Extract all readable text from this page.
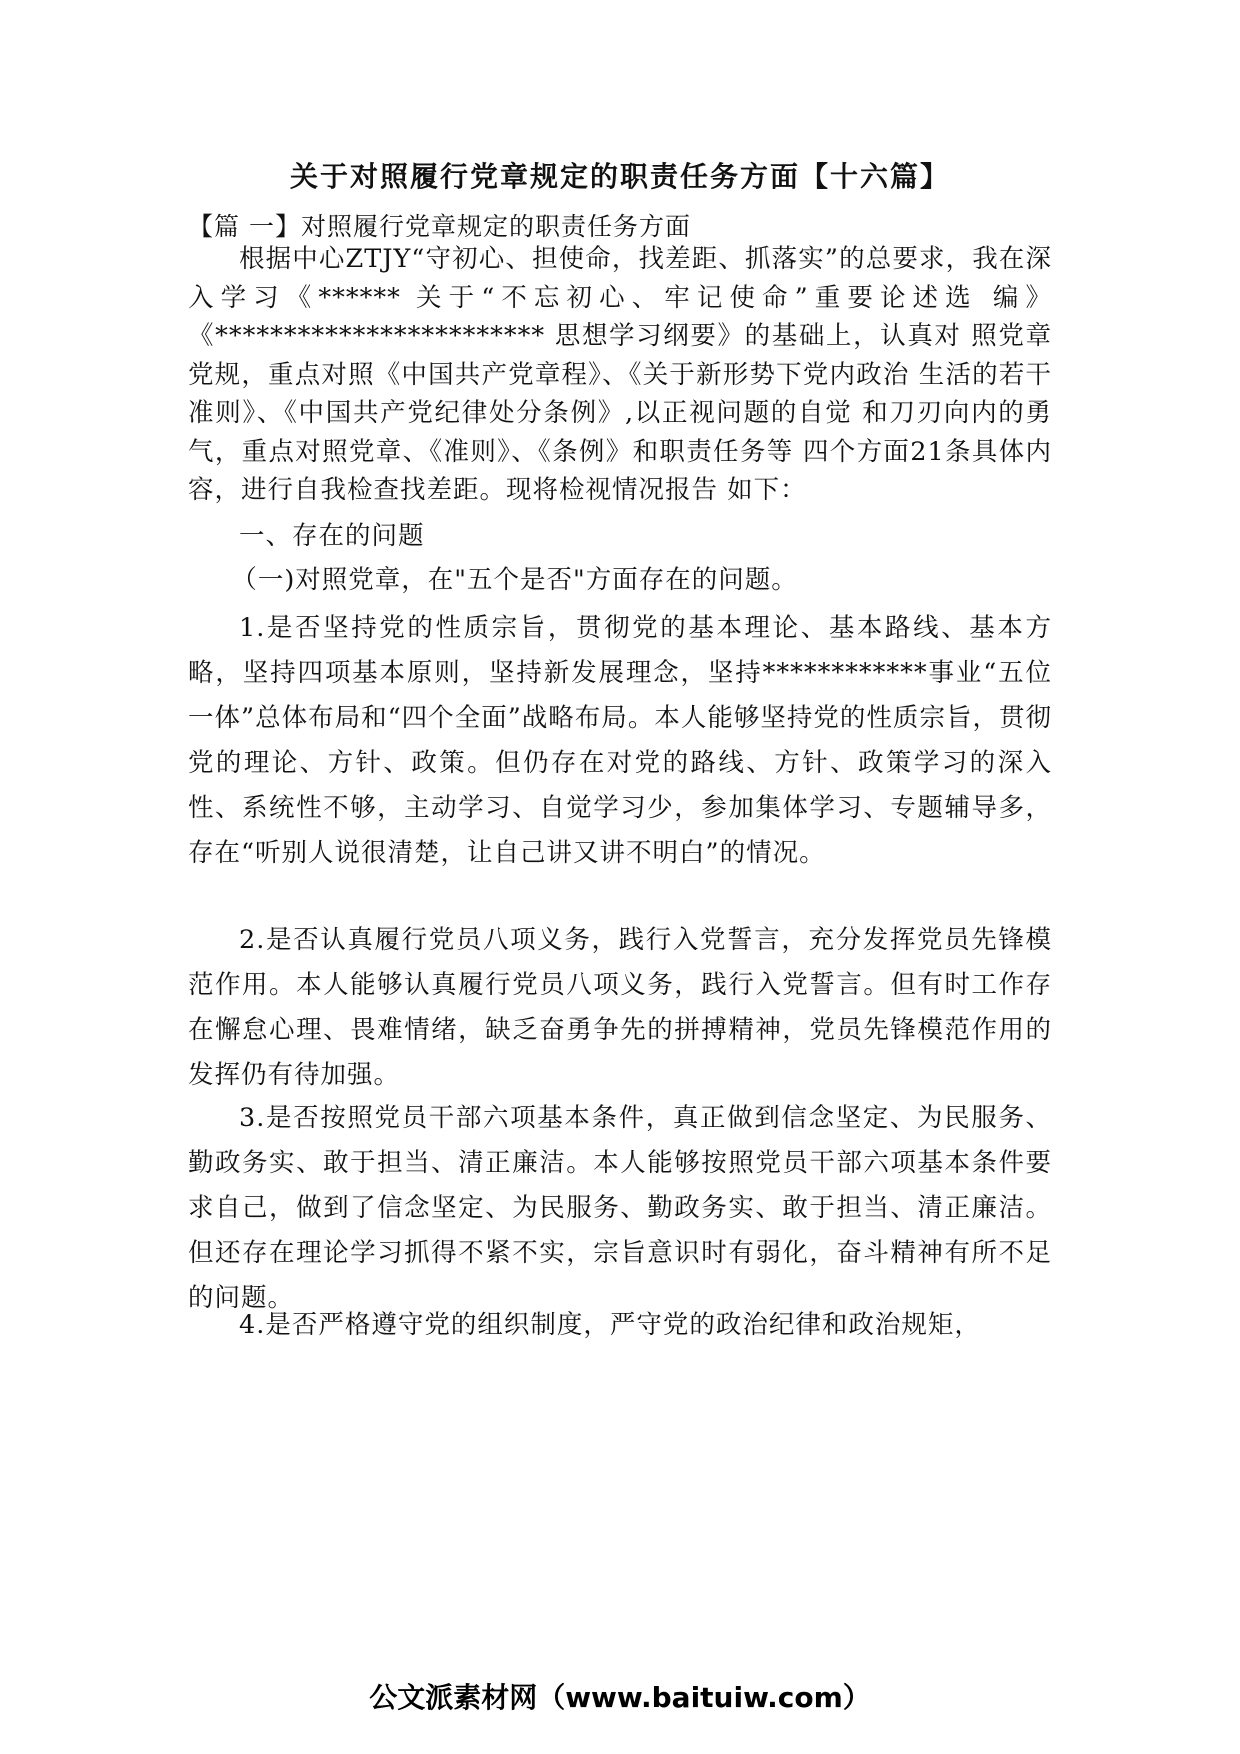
关于对照履行党章规定的职责任务方面【十六篇】
【篇 一】对照履行党章规定的职责任务方面

根据中心ZTJY“守初心、担使命，找差距、抓落实”的总要求，我在深入学习《****** 关于“不忘初心、牢记使命”重要论述选 编》《************************ 思想学习纲要》的基础上，认真对 照党章党规，重点对照《中国共产党章程》、《关于新形势下党内政治 生活的若干准则》、《中国共产党纪律处分条例》,以正视问题的自觉 和刀刃向内的勇气，重点对照党章、《准则》、《条例》和职责任务等 四个方面21条具体内容，进行自我检查找差距。现将检视情况报告 如下：

一、存在的问题
（一)对照党章，在"五个是否"方面存在的问题。

1.是否坚持党的性质宗旨，贯彻党的基本理论、基本路线、基本方略，坚持四项基本原则，坚持新发展理念，坚持************事业“五位一体”总体布局和“四个全面”战略布局。本人能够坚持党的性质宗旨，贯彻党的理论、方针、政策。但仍存在对党的路线、方针、政策学习的深入性、系统性不够，主动学习、自觉学习少，参加集体学习、专题辅导多，存在“听别人说很清楚，让自己讲又讲不明白”的情况。

2.是否认真履行党员八项义务，践行入党誓言，充分发挥党员先锋模范作用。本人能够认真履行党员八项义务，践行入党誓言。但有时工作存在懈怠心理、畏难情绪，缺乏奋勇争先的拼搏精神，党员先锋模范作用的发挥仍有待加强。

3.是否按照党员干部六项基本条件，真正做到信念坚定、为民服务、勤政务实、敢于担当、清正廉洁。本人能够按照党员干部六项基本条件要求自己，做到了信念坚定、为民服务、勤政务实、敢于担当、清正廉洁。但还存在理论学习抓得不紧不实，宗旨意识时有弱化，奋斗精神有所不足的问题。

4.是否严格遵守党的组织制度，严守党的政治纪律和政治规矩，

公文派素材网（www.baituiw.com）
